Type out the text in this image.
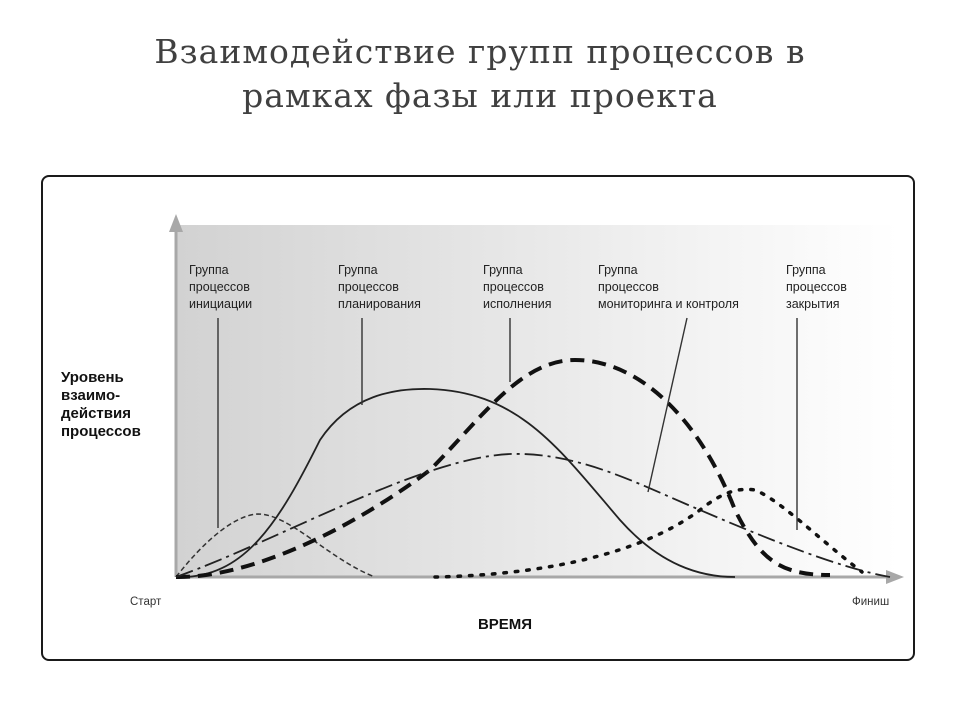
Взаимодействие групп процессов в
рамках фазы или проекта
Группа
процессов
инициации
Группа
процессов
планирования
Группа
процессов
исполнения
Группа
процессов
мониторинга и контроля
Группа
процессов
закрытия
Уровень
взаимо-
действия
процессов
Старт	Финиш
ВРЕМЯ
